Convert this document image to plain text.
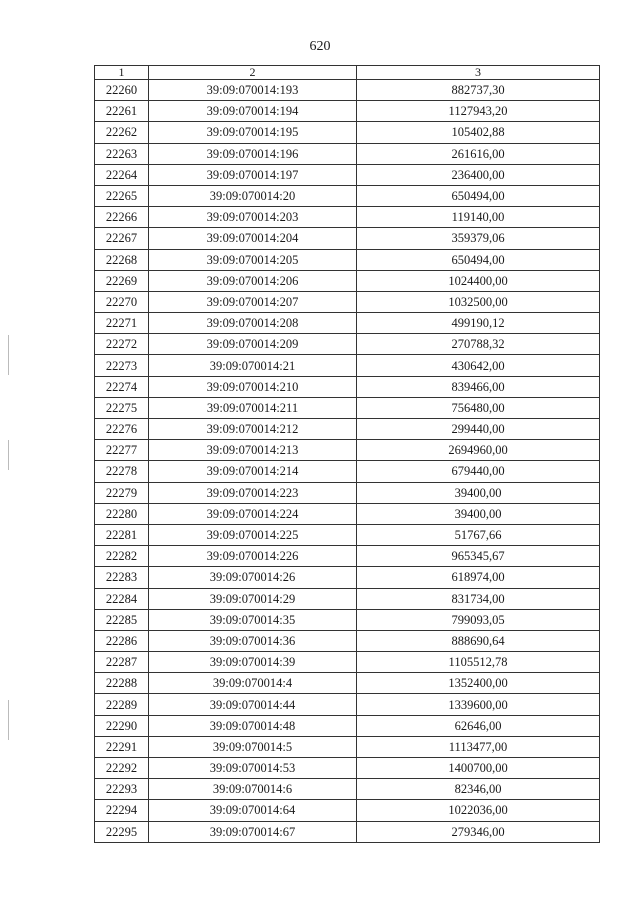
620
1	2	3
22260	39:09:070014:193	882737,30
22261	39:09:070014:194	1127943,20
22262	39:09:070014:195	105402,88
22263	39:09:070014:196	261616,00
22264	39:09:070014:197	236400,00
22265	39:09:070014:20	650494,00
22266	39:09:070014:203	119140,00
22267	39:09:070014:204	359379,06
22268	39:09:070014:205	650494,00
22269	39:09:070014:206	1024400,00
22270	39:09:070014:207	1032500,00
22271	39:09:070014:208	499190,12
22272	39:09:070014:209	270788,32
22273	39:09:070014:21	430642,00
22274	39:09:070014:210	839466,00
22275	39:09:070014:211	756480,00
22276	39:09:070014:212	299440,00
22277	39:09:070014:213	2694960,00
22278	39:09:070014:214	679440,00
22279	39:09:070014:223	39400,00
22280	39:09:070014:224	39400,00
22281	39:09:070014:225	51767,66
22282	39:09:070014:226	965345,67
22283	39:09:070014:26	618974,00
22284	39:09:070014:29	831734,00
22285	39:09:070014:35	799093,05
22286	39:09:070014:36	888690,64
22287	39:09:070014:39	1105512,78
22288	39:09:070014:4	1352400,00
22289	39:09:070014:44	1339600,00
22290	39:09:070014:48	62646,00
22291	39:09:070014:5	1113477,00
22292	39:09:070014:53	1400700,00
22293	39:09:070014:6	82346,00
22294	39:09:070014:64	1022036,00
22295	39:09:070014:67	279346,00
